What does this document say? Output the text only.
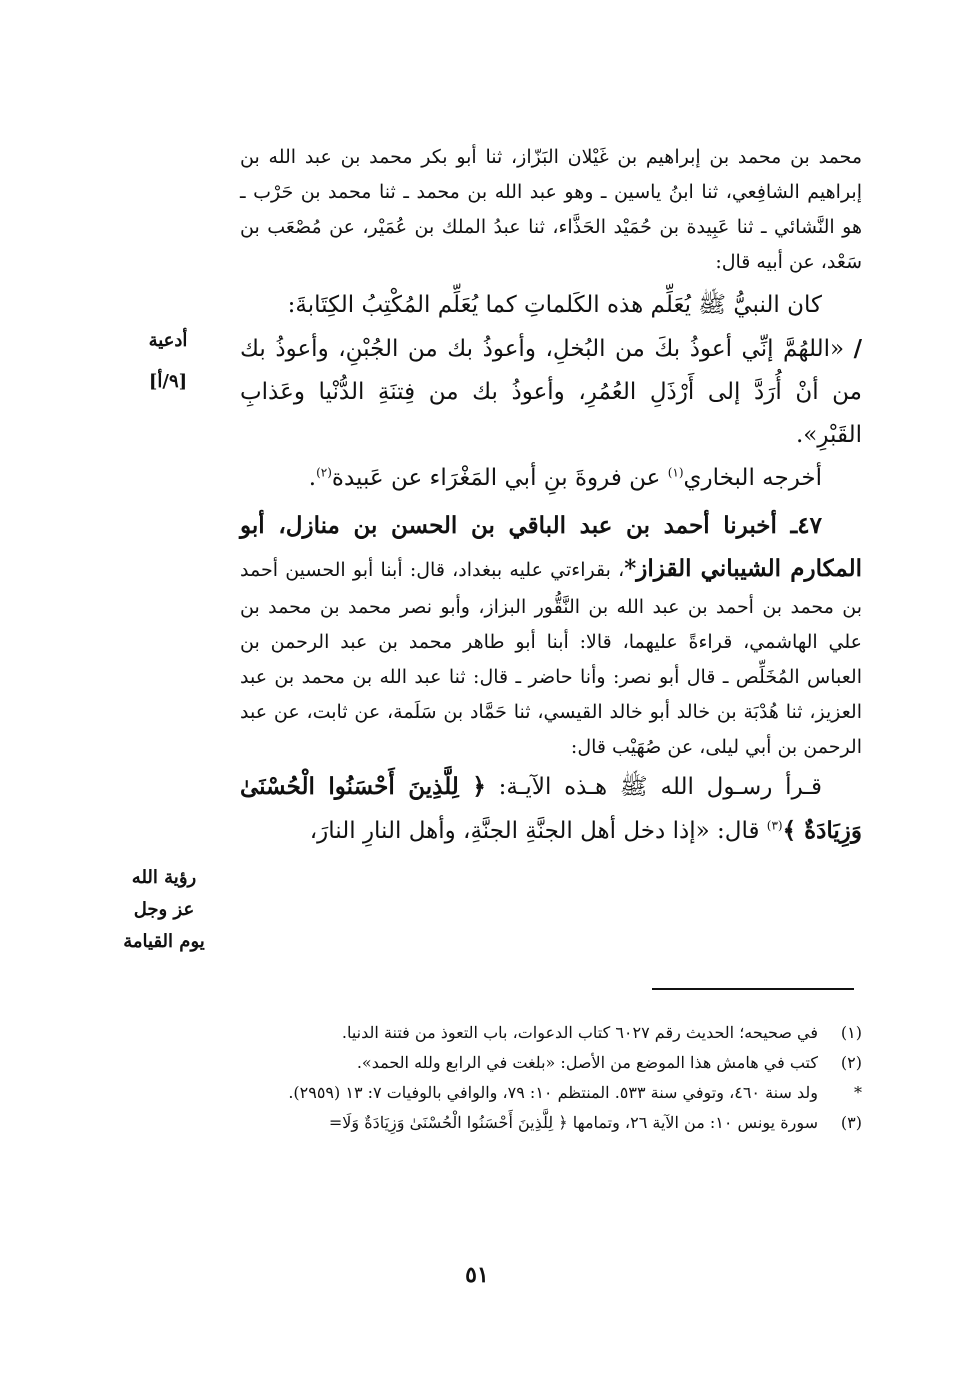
محمد بن محمد بن إبراهيم بن غَيْلان البَزّاز، ثنا أبو بكر محمد بن عبد الله بن إبراهيم الشافِعي، ثنا ابنُ ياسين ـ وهو عبد الله بن محمد ـ ثنا محمد بن حَرْب ـ هو النَّشائي ـ ثنا عَبِيدة بن حُمَيْد الحَذَّاء، ثنا عبدُ الملك بن عُمَيْر، عن مُصْعَب بن سَعْد، عن أبيه قال:

كان النبيُّ ﷺ يُعَلِّم هذه الكَلماتِ كما يُعَلِّم المُكْتِبُ الكِتَابةَ:

/ «اللهُمَّ إنِّي أعوذُ بكَ من البُخلِ، وأعوذُ بك من الجُبْنِ، وأعوذُ بك من أنْ أُرَدَّ إلى أَرْذَلِ العُمُرِ، وأعوذُ بك من فِتنَةِ الدُّنْيا وعَذابِ القَبْرِ».

أخرجه البخاري$^{(١)}$ عن فروةَ بنِ أبي المَغْرَاء عن عَبيدة$^{(٢)}$.

٤٧ـ أخبرنا أحمد بن عبد الباقي بن الحسن بن منازل، أبو المكارم الشيباني القزاز*، بقراءتي عليه ببغداد، قال: أبنا أبو الحسين أحمد بن محمد بن أحمد بن عبد الله بن النَّقُّور البزاز، وأبو نصر محمد بن محمد بن علي الهاشمي، قراءةً عليهما، قالا: أبنا أبو طاهر محمد بن عبد الرحمن بن العباس المُخَلِّص ـ قال أبو نصر: وأنا حاضر ـ قال: ثنا عبد الله بن محمد بن عبد العزيز، ثنا هُدْبَة بن خالد أبو خالد القيسي، ثنا حَمَّاد بن سَلَمة، عن ثابت، عن عبد الرحمن بن أبي ليلى، عن صُهَيْب قال:

قـرأ رسـول الله ﷺ هـذه الآيـة: ﴿ لِلَّذِينَ أَحْسَنُوا الْحُسْنَىٰ وَزِيَادَةٌ ﴾$^{(٣)}$ قال: «إذا دخل أهل الجنَّةِ الجنَّةِ، وأهل النارِ النارَ،

أدعية
[٩/أ]
رؤية الله
عز وجل
يوم القيامة
(١)
في صحيحه؛ الحديث رقم ٦٠٢٧ كتاب الدعوات، باب التعوذ من فتنة الدنيا.
(٢)
كتب في هامش هذا الموضع من الأصل: «بلغت في الرابع ولله الحمد».
*
ولد سنة ٤٦٠، وتوفي سنة ٥٣٣. المنتظم ١٠: ٧٩، والوافي بالوفيات ٧: ١٣ (٢٩٥٩).
(٣)
سورة يونس ١٠: من الآية ٢٦، وتمامها ﴿ لِلَّذِينَ أَحْسَنُوا الْحُسْنَىٰ وَزِيَادَةٌ وَلَا=
٥١
